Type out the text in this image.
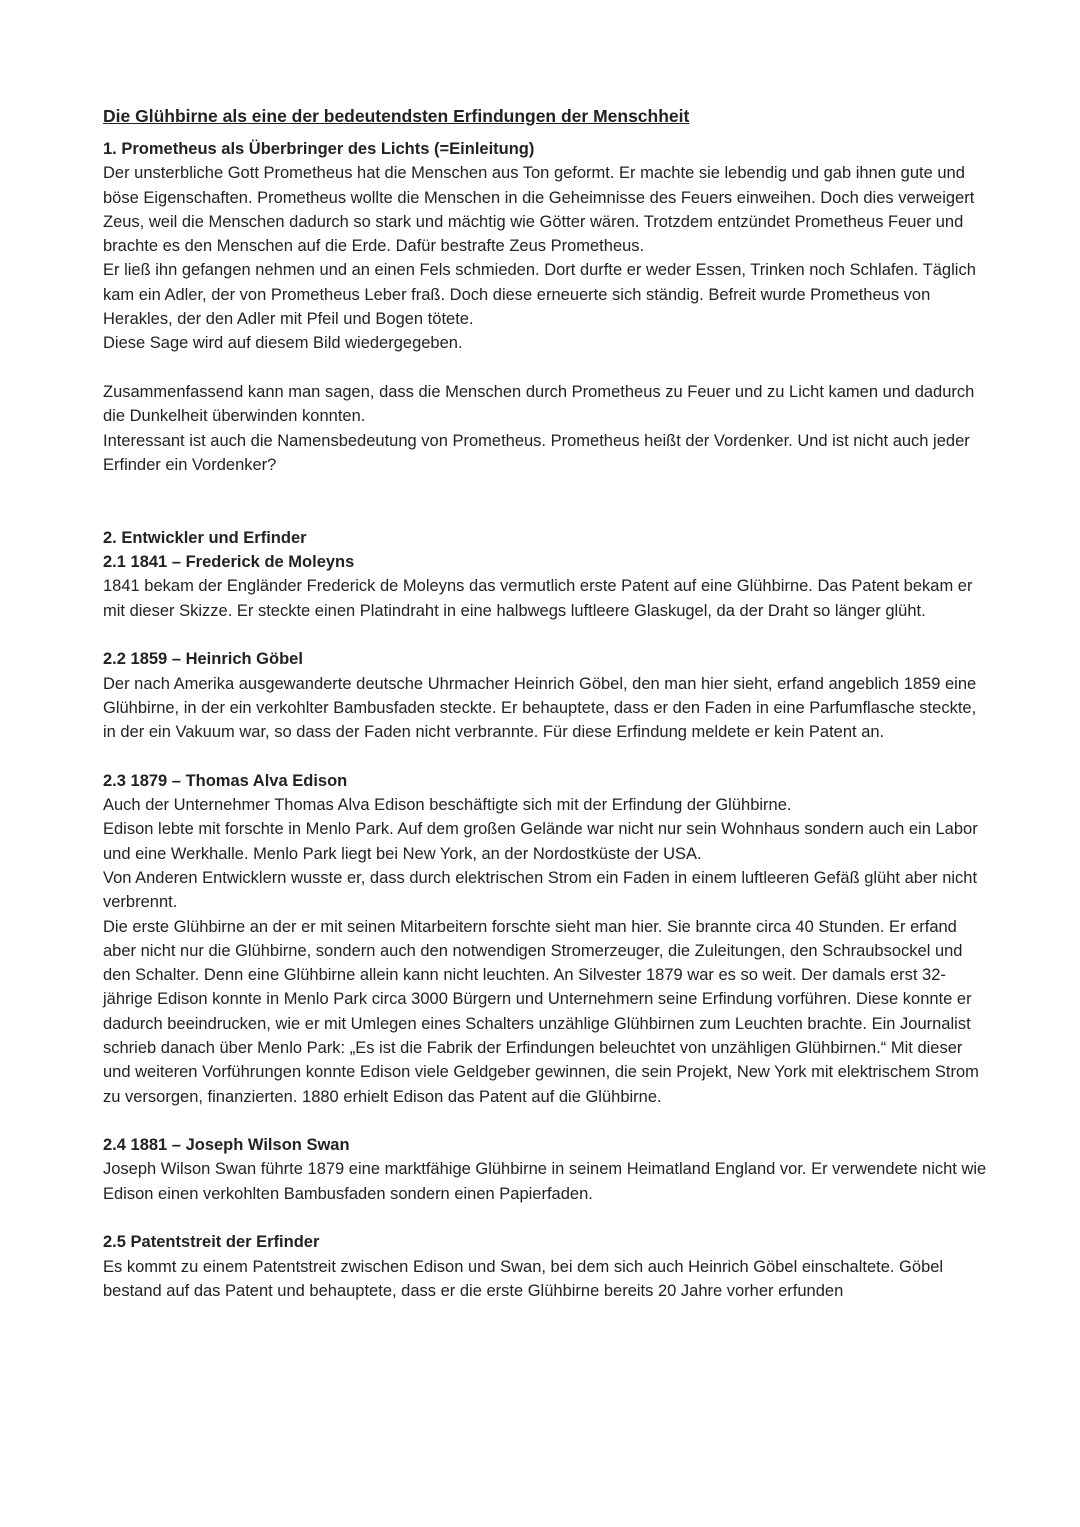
Die Glühbirne als eine der bedeutendsten Erfindungen der Menschheit
1. Prometheus als Überbringer des Lichts (=Einleitung)

Der unsterbliche Gott Prometheus hat die Menschen aus Ton geformt. Er machte sie lebendig und gab ihnen gute und böse Eigenschaften. Prometheus wollte die Menschen in die Geheimnisse des Feuers einweihen. Doch dies verweigert Zeus, weil die Menschen dadurch so stark und mächtig wie Götter wären. Trotzdem entzündet Prometheus Feuer und brachte es den Menschen auf die Erde. Dafür bestrafte Zeus Prometheus.

Er ließ ihn gefangen nehmen und an einen Fels schmieden. Dort durfte er weder Essen, Trinken noch Schlafen. Täglich kam ein Adler, der von Prometheus Leber fraß. Doch diese erneuerte sich ständig. Befreit wurde Prometheus von Herakles, der den Adler mit Pfeil und Bogen tötete.

Diese Sage wird auf diesem Bild wiedergegeben.

Zusammenfassend kann man sagen, dass die Menschen durch Prometheus zu Feuer und zu Licht kamen und dadurch die Dunkelheit überwinden konnten.

Interessant ist auch die Namensbedeutung von Prometheus. Prometheus heißt der Vordenker. Und ist nicht auch jeder Erfinder ein Vordenker?

2. Entwickler und Erfinder
2.1 1841 – Frederick de Moleyns

1841 bekam der Engländer Frederick de Moleyns das vermutlich erste Patent auf eine Glühbirne. Das Patent bekam er mit dieser Skizze. Er steckte einen Platindraht in eine halbwegs luftleere Glaskugel, da der Draht so länger glüht.

2.2 1859 – Heinrich Göbel

Der nach Amerika ausgewanderte deutsche Uhrmacher Heinrich Göbel, den man hier sieht, erfand angeblich 1859 eine Glühbirne, in der ein verkohlter Bambusfaden steckte. Er behauptete, dass er den Faden in eine Parfumflasche steckte, in der ein Vakuum war, so dass der Faden nicht verbrannte. Für diese Erfindung meldete er kein Patent an.

2.3 1879 – Thomas Alva Edison

Auch der Unternehmer Thomas Alva Edison beschäftigte sich mit der Erfindung der Glühbirne.

Edison lebte mit forschte in Menlo Park. Auf dem großen Gelände war nicht nur sein Wohnhaus sondern auch ein Labor und eine Werkhalle. Menlo Park liegt bei New York, an der Nordostküste der USA.

Von Anderen Entwicklern wusste er, dass durch elektrischen Strom ein Faden in einem luftleeren Gefäß glüht aber nicht verbrennt.

Die erste Glühbirne an der er mit seinen Mitarbeitern forschte sieht man hier. Sie brannte circa 40 Stunden. Er erfand aber nicht nur die Glühbirne, sondern auch den notwendigen Stromerzeuger, die Zuleitungen, den Schraubsockel und den Schalter. Denn eine Glühbirne allein kann nicht leuchten. An Silvester 1879 war es so weit. Der damals erst 32-jährige Edison konnte in Menlo Park circa 3000 Bürgern und Unternehmern seine Erfindung vorführen. Diese konnte er dadurch beeindrucken, wie er mit Umlegen eines Schalters unzählige Glühbirnen zum Leuchten brachte. Ein Journalist schrieb danach über Menlo Park: „Es ist die Fabrik der Erfindungen beleuchtet von unzähligen Glühbirnen.“ Mit dieser und weiteren Vorführungen konnte Edison viele Geldgeber gewinnen, die sein Projekt, New York mit elektrischem Strom zu versorgen, finanzierten. 1880 erhielt Edison das Patent auf die Glühbirne.

2.4 1881 – Joseph Wilson Swan

Joseph Wilson Swan führte 1879 eine marktfähige Glühbirne in seinem Heimatland England vor. Er verwendete nicht wie Edison einen verkohlten Bambusfaden sondern einen Papierfaden.

2.5 Patentstreit der Erfinder

Es kommt zu einem Patentstreit zwischen Edison und Swan, bei dem sich auch Heinrich Göbel einschaltete. Göbel bestand auf das Patent und behauptete, dass er die erste Glühbirne bereits 20 Jahre vorher erfunden
